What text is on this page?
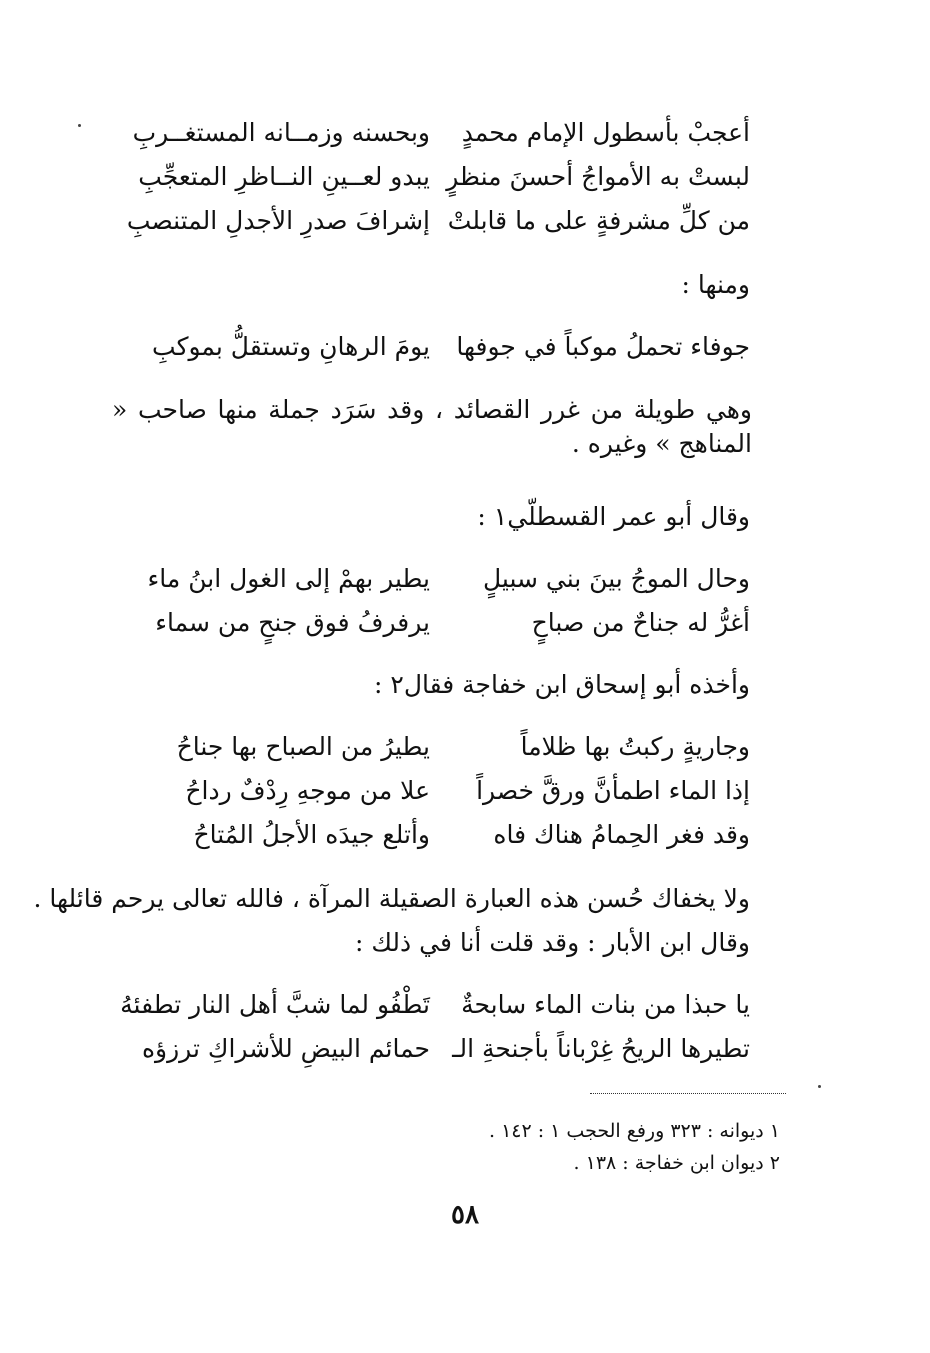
أعجبْ بأسطول الإمام محمدٍ
وبحسنه وزمــانه المستغــربِ
لبستْ به الأمواجُ أحسنَ منظرٍ
يبدو لعــينِ النــاظرِ المتعجِّبِ
من كلِّ مشرفةٍ على ما قابلتْ
إشرافَ صدرِ الأجدلِ المتنصبِ
ومنها :
جوفاء تحملُ موكباً في جوفها
يومَ الرهانِ وتستقلُّ بموكبِ
وهي طويلة من غرر القصائد ، وقد سَرَد جملة منها صاحب « المناهج » وغيره .
وقال أبو عمر القسطلّي١ :
وحال الموجُ بينَ بني سبيلٍ
يطير بهمْ إلى الغول ابنُ ماء
أغرُّ له جناحٌ من صباحٍ
يرفرفُ فوق جنحٍ من سماء
وأخذه أبو إسحاق ابن خفاجة فقال٢ :
وجاريةٍ ركبتُ بها ظلاماً
يطيرُ من الصباح بها جناحُ
إذا الماء اطمأنَّ ورقَّ خصراً
علا من موجهِ رِدْفٌ رداحُ
وقد فغر الحِمامُ هناك فاه
وأتلع جيدَه الأجلُ المُتاحُ
ولا يخفاك حُسن هذه العبارة الصقيلة المرآة ، فالله تعالى يرحم قائلها .
وقال ابن الأبار : وقد قلت أنا في ذلك :
يا حبذا من بنات الماء سابحةٌ
تَطْفُو لما شبَّ أهل النار تطفئهُ
تطيرها الريحُ غِرْباناً بأجنحةِ الـ
حمائم البيضِ للأشراكِ ترزؤه
١ ديوانه : ٣٢٣ ورفع الحجب ١ : ١٤٢ .
٢ ديوان ابن خفاجة : ١٣٨ .
٥٨
